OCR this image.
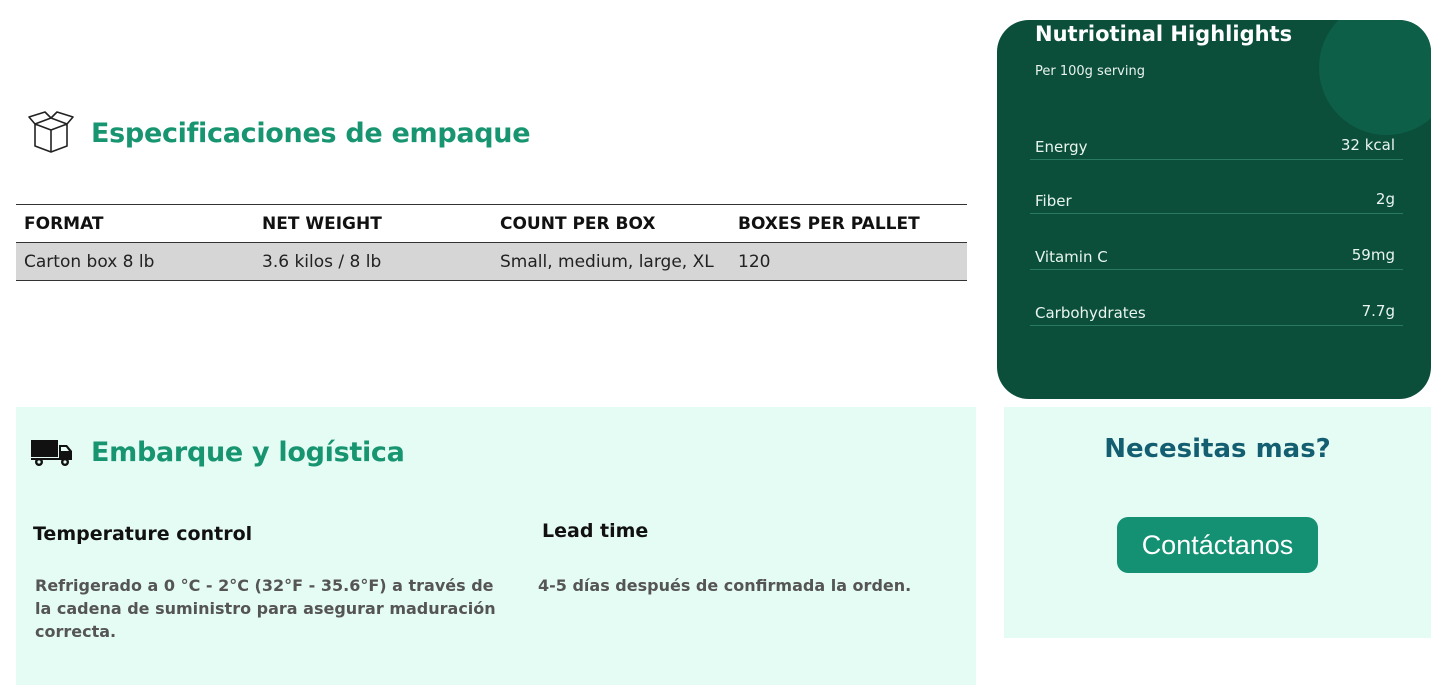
Especificaciones de empaque
FORMAT	NET WEIGHT	COUNT PER BOX	BOXES PER PALLET
Carton box 8 lb	3.6 kilos / 8 lb	Small, medium, large, XL	120
Nutriotinal Highlights
Per 100g serving
Energy	32 kcal
Fiber	2g
Vitamin C	59mg
Carbohydrates	7.7g
Embarque y logística
Temperature control
Refrigerado a 0 °C - 2°C (32°F - 35.6°F) a través de la cadena de suministro para asegurar maduración correcta.
Lead time
4-5 días después de confirmada la orden.
Necesitas mas?
Contáctanos
